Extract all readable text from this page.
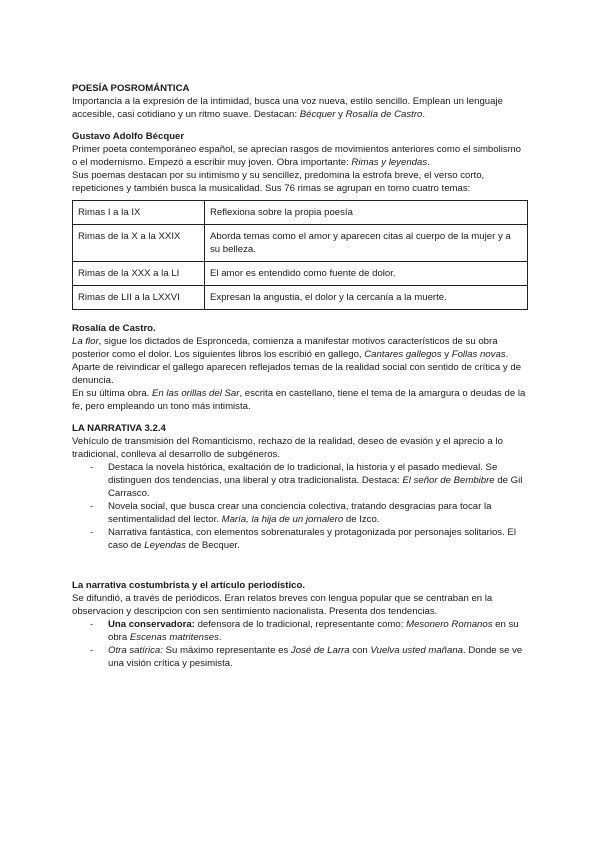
POESÍA POSROMÁNTICA

Importancia a la expresión de la intimidad, busca una voz nueva, estilo sencillo. Emplean un lenguaje accesible, casi cotidiano y un ritmo suave. Destacan: Bécquer y Rosalía de Castro.

Gustavo Adolfo Bécquer

Primer poeta contemporáneo español, se aprecian rasgos de movimientos anteriores como el simbolismo o el modernismo. Empezó a escribir muy joven. Obra importante: Rimas y leyendas.

Sus poemas destacan por su intimismo y su sencillez, predomina la estrofa breve, el verso corto, repeticiones y también busca la musicalidad. Sus 76 rimas se agrupan en torno cuatro temas:

Rimas I a la IX	Reflexiona sobre la propia poesía
Rimas de la X a la XXIX	Aborda temas como el amor y aparecen citas al cuerpo de la mujer y a su belleza.
Rimas de la XXX a la LI	El amor es entendido como fuente de dolor.
Rimas de LII a la LXXVI	Expresan la angustia, el dolor y la cercanía a la muerte.
Rosalía de Castro.

La flor, sigue los dictados de Espronceda, comienza a manifestar motivos característicos de su obra posterior como el dolor. Los siguientes libros los escribió en gallego, Cantares gallegos y Follas novas. Aparte de reivindicar el gallego aparecen reflejados temas de la realidad social con sentido de crítica y de denuncia.

En su última obra. En las orillas del Sar, escrita en castellano, tiene el tema de la amargura o deudas de la fe, pero empleando un tono más intimista.

LA NARRATIVA 3.2.4

Vehículo de transmisión del Romanticismo, rechazo de la realidad, deseo de evasión y el aprecio a lo tradicional, conlleva al desarrollo de subgéneros.

- Destaca la novela histórica, exaltación de lo tradicional, la historia y el pasado medieval. Se distinguen dos tendencias, una liberal y otra tradicionalista. Destaca: El señor de Bembibre de Gil Carrasco.
- Novela social, que busca crear una conciencia colectiva, tratando desgracias para tocar la sentimentalidad del lector. María, la hija de un jornalero de Izco.
- Narrativa fantástica, con elementos sobrenaturales y protagonizada por personajes solitarios. El caso de Leyendas de Becquer.
La narrativa costumbrista y el artículo periodístico.

Se difundió, a través de periódicos. Eran relatos breves con lengua popular que se centraban en la observacion y descripcion con sen sentimiento nacionalista. Presenta dos tendencias.

- Una conservadora: defensora de lo tradicional, representante como: Mesonero Romanos en su obra Escenas matritenses.
- Otra satírica: Su máximo representante es José de Larra con Vuelva usted mañana. Donde se ve una visión crítica y pesimista.
